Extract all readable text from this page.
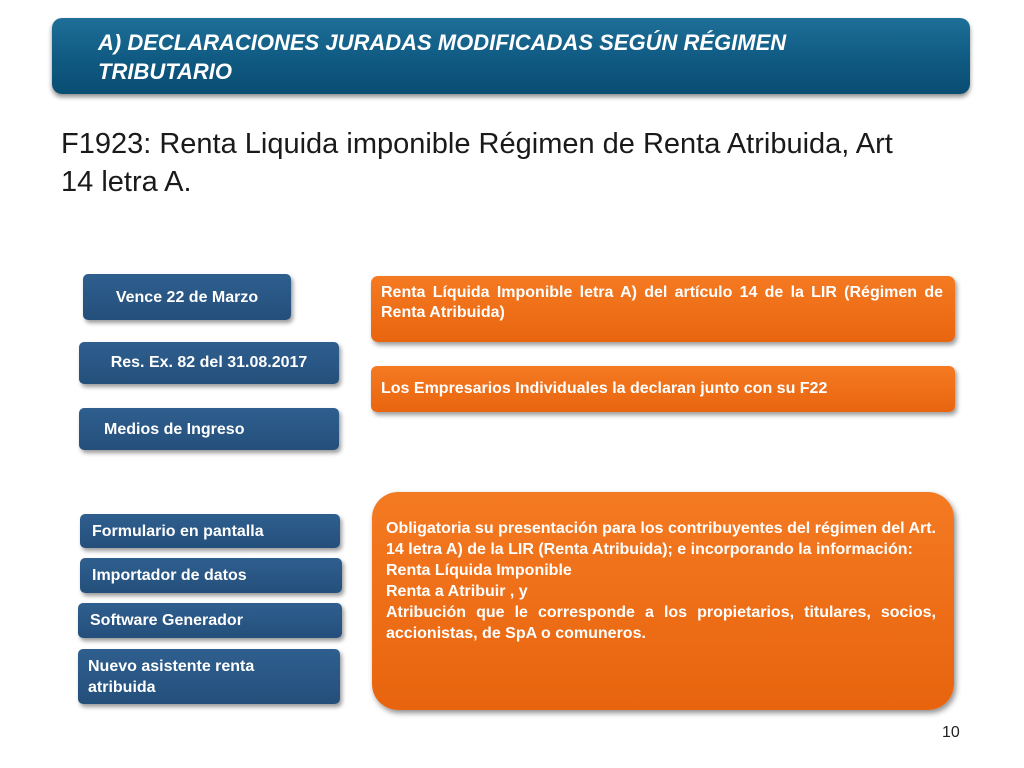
A) DECLARACIONES JURADAS MODIFICADAS SEGÚN RÉGIMEN TRIBUTARIO
F1923: Renta Liquida imponible Régimen de Renta Atribuida, Art 14 letra A.
Vence 22 de Marzo
Res. Ex. 82 del 31.08.2017
Medios de Ingreso
Renta Líquida Imponible letra A) del artículo 14 de la LIR (Régimen de Renta Atribuida)
Los Empresarios Individuales la declaran junto con su F22
Formulario en pantalla
Importador de datos
Software Generador
Nuevo asistente renta atribuida
Obligatoria su presentación para los contribuyentes del régimen del Art. 14 letra A) de la LIR (Renta Atribuida); e incorporando la información:
Renta Líquida Imponible
Renta a Atribuir , y
Atribución que le corresponde a los propietarios, titulares, socios, accionistas, de SpA o comuneros.
10
